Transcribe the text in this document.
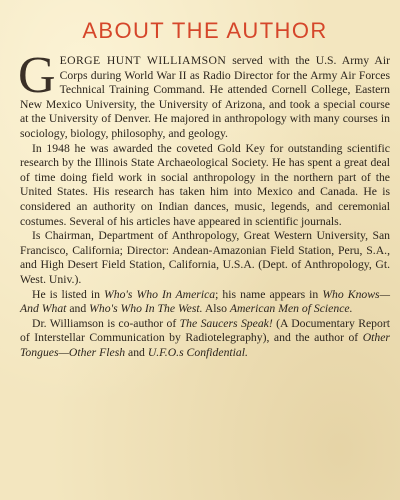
ABOUT THE AUTHOR

GEORGE HUNT WILLIAMSON served with the U.S. Army Air Corps during World War II as Radio Director for the Army Air Forces Technical Training Command. He attended Cornell College, Eastern New Mexico University, the University of Arizona, and took a special course at the University of Denver. He majored in anthropology with many courses in sociology, biology, philosophy, and geology.

In 1948 he was awarded the coveted Gold Key for outstanding scientific research by the Illinois State Archaeological Society. He has spent a great deal of time doing field work in social anthropology in the northern part of the United States. His research has taken him into Mexico and Canada. He is considered an authority on Indian dances, music, legends, and ceremonial costumes. Several of his articles have appeared in scientific journals.

Is Chairman, Department of Anthropology, Great Western University, San Francisco, California; Director: Andean-Amazonian Field Station, Peru, S.A., and High Desert Field Station, California, U.S.A. (Dept. of Anthropology, Gt. West. Univ.).

He is listed in Who's Who In America; his name appears in Who Knows—And What and Who's Who In The West. Also American Men of Science.

Dr. Williamson is co-author of The Saucers Speak! (A Documentary Report of Interstellar Communication by Radiotelegraphy), and the author of Other Tongues—Other Flesh and U.F.O.s Confidential.
